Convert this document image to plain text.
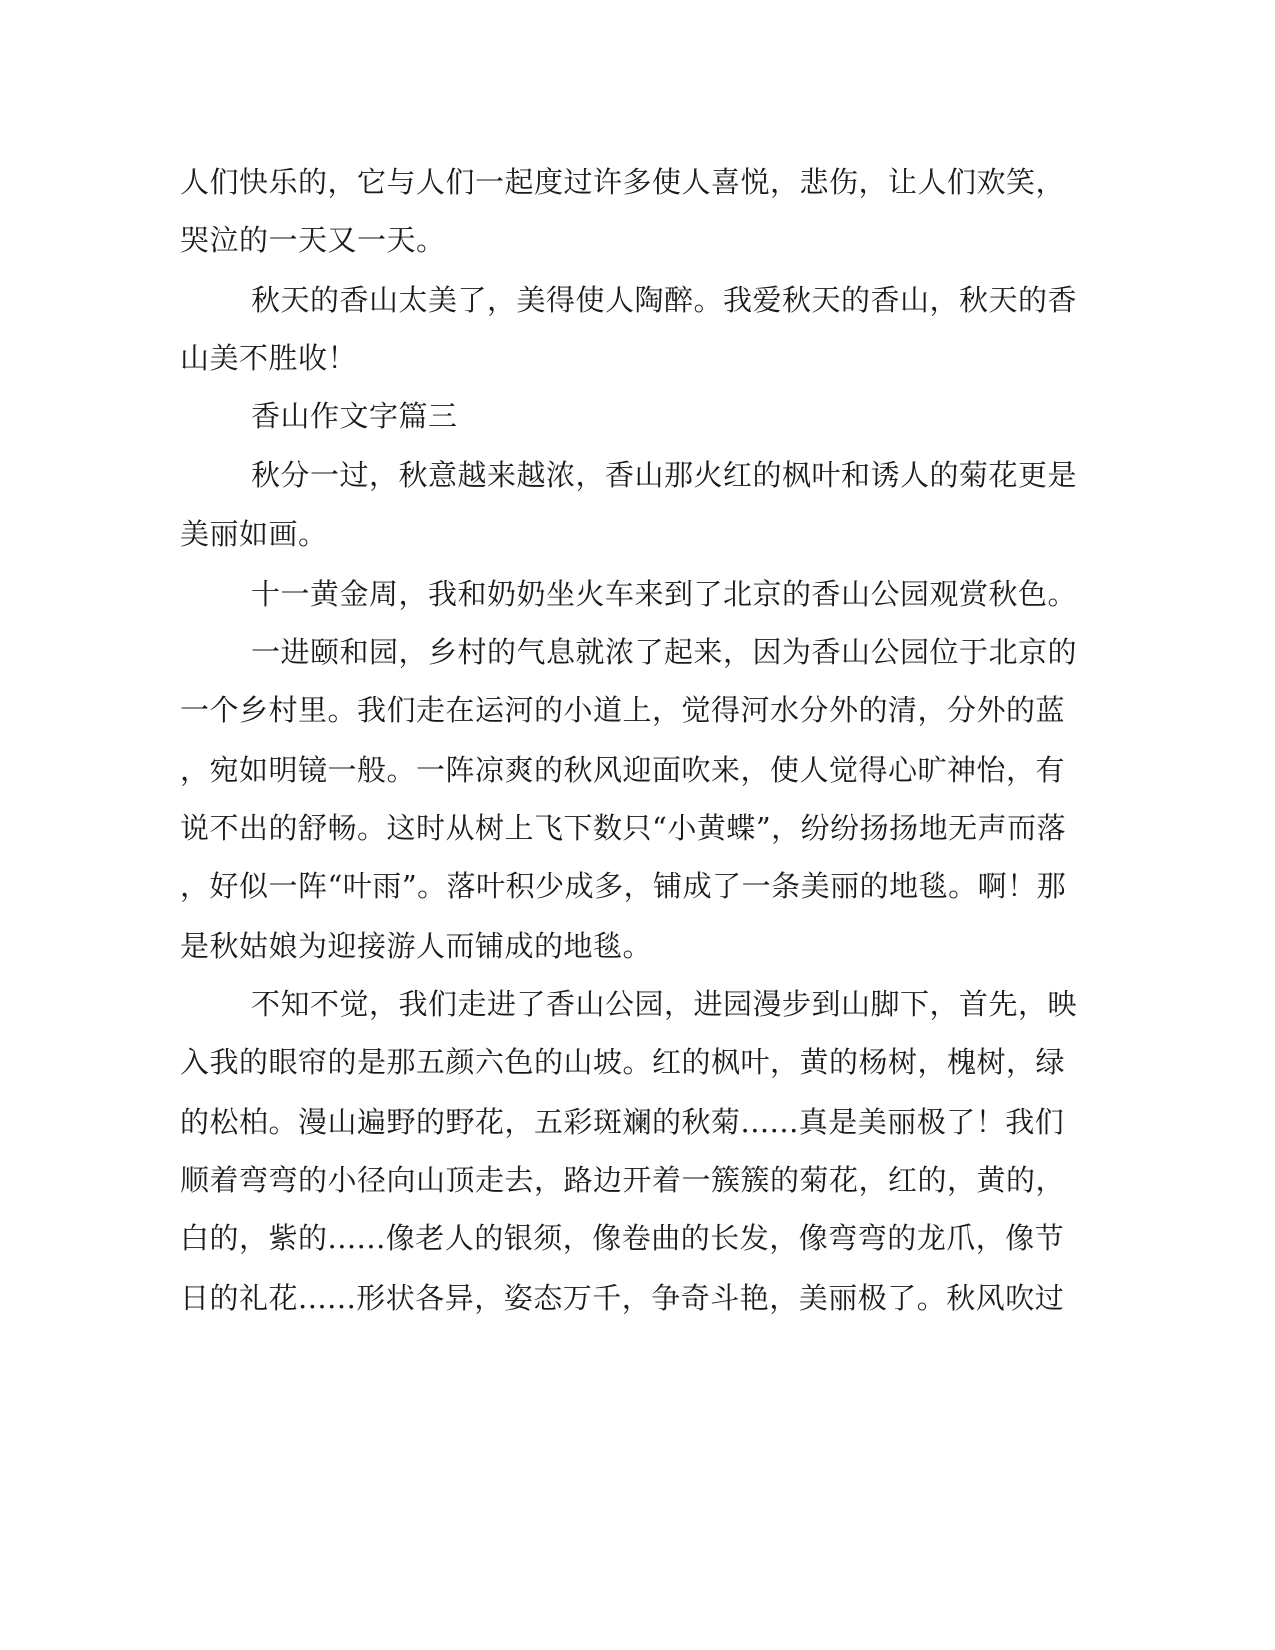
人们快乐的，它与人们一起度过许多使人喜悦，悲伤，让人们欢笑，
哭泣的一天又一天。
秋天的香山太美了，美得使人陶醉。我爱秋天的香山，秋天的香
山美不胜收！
香山作文字篇三
秋分一过，秋意越来越浓，香山那火红的枫叶和诱人的菊花更是
美丽如画。
十一黄金周，我和奶奶坐火车来到了北京的香山公园观赏秋色。
一进颐和园，乡村的气息就浓了起来，因为香山公园位于北京的
一个乡村里。我们走在运河的小道上，觉得河水分外的清，分外的蓝
，宛如明镜一般。一阵凉爽的秋风迎面吹来，使人觉得心旷神怡，有
说不出的舒畅。这时从树上飞下数只“小黄蝶”，纷纷扬扬地无声而落
，好似一阵“叶雨”。落叶积少成多，铺成了一条美丽的地毯。啊！那
是秋姑娘为迎接游人而铺成的地毯。
不知不觉，我们走进了香山公园，进园漫步到山脚下，首先，映
入我的眼帘的是那五颜六色的山坡。红的枫叶，黄的杨树，槐树，绿
的松柏。漫山遍野的野花，五彩斑斓的秋菊......真是美丽极了！我们
顺着弯弯的小径向山顶走去，路边开着一簇簇的菊花，红的，黄的，
白的，紫的......像老人的银须，像卷曲的长发，像弯弯的龙爪，像节
日的礼花......形状各异，姿态万千，争奇斗艳，美丽极了。秋风吹过
